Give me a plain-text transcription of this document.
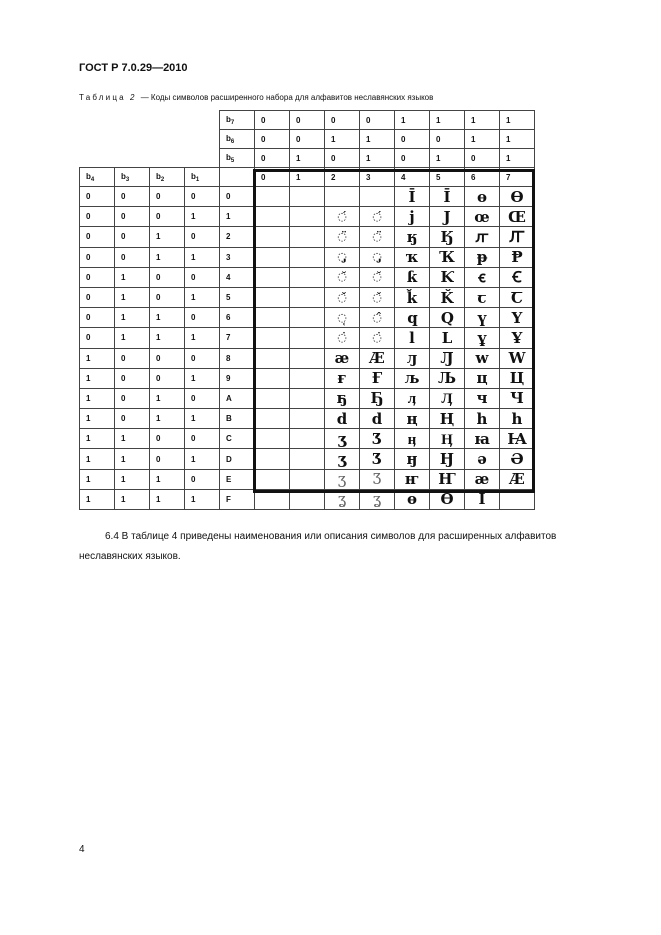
ГОСТ Р 7.0.29—2010
Таблица 2 — Коды символов расширенного набора для алфавитов неславянских языков
				$b_7$	0	0	0	0	1	1	1	1
				$b_6$	0	0	1	1	0	0	1	1
				$b_5$	0	1	0	1	0	1	0	1
$b_4$	$b_3$	$b_2$	$b_1$		0	1	2	3	4	5	6	7
0	0	0	0	0					Ī	Ī	ɵ	Ɵ
0	0	0	1	1			◌́	◌́	ј	Ј	œ	Œ
0	0	1	0	2			◌̈	◌̈	ӄ	Ӄ	ꙥ	Ꙥ
0	0	1	1	3			◌̡	◌̡	ҡ	Ҡ	ᵽ	Ᵽ
0	1	0	0	4			◌̆	◌̆	ƙ	Ƙ	ꞓ	Ꞓ
0	1	0	1	5			◌̌	◌̌	ǩ	Ǩ	ꞇ	Ꞇ
0	1	1	0	6			◌̜	◌̂	ԛ	Ԛ	ү	Ү
0	1	1	1	7			◌̇	◌̇	l	L	ұ	Ұ
1	0	0	0	8			æ	Æ	ԓ	Ԓ	w	W
1	0	0	1	9			ғ	Ғ	љ	Љ	ц	Ц
1	0	1	0	A			ҕ	Ҕ	ӆ	Ӆ	ч	Ч
1	0	1	1	B			d	d	ң	Ң	h	h
1	1	0	0	C			ʒ	Ʒ	ӊ	Ӊ	ꙗ	Ꙗ
1	1	0	1	D			ʒ	Ʒ	ӈ	Ӈ	ə	Ə
1	1	1	0	E			ӡ	Ӡ	ҥ	Ҥ	ӕ	Ӕ
1	1	1	1	F			ʓ	ʓ	ө	Ө	I	
6.4 В таблице 4 приведены наименования или описания символов для расширенных алфавитов неславянских языков.
4
